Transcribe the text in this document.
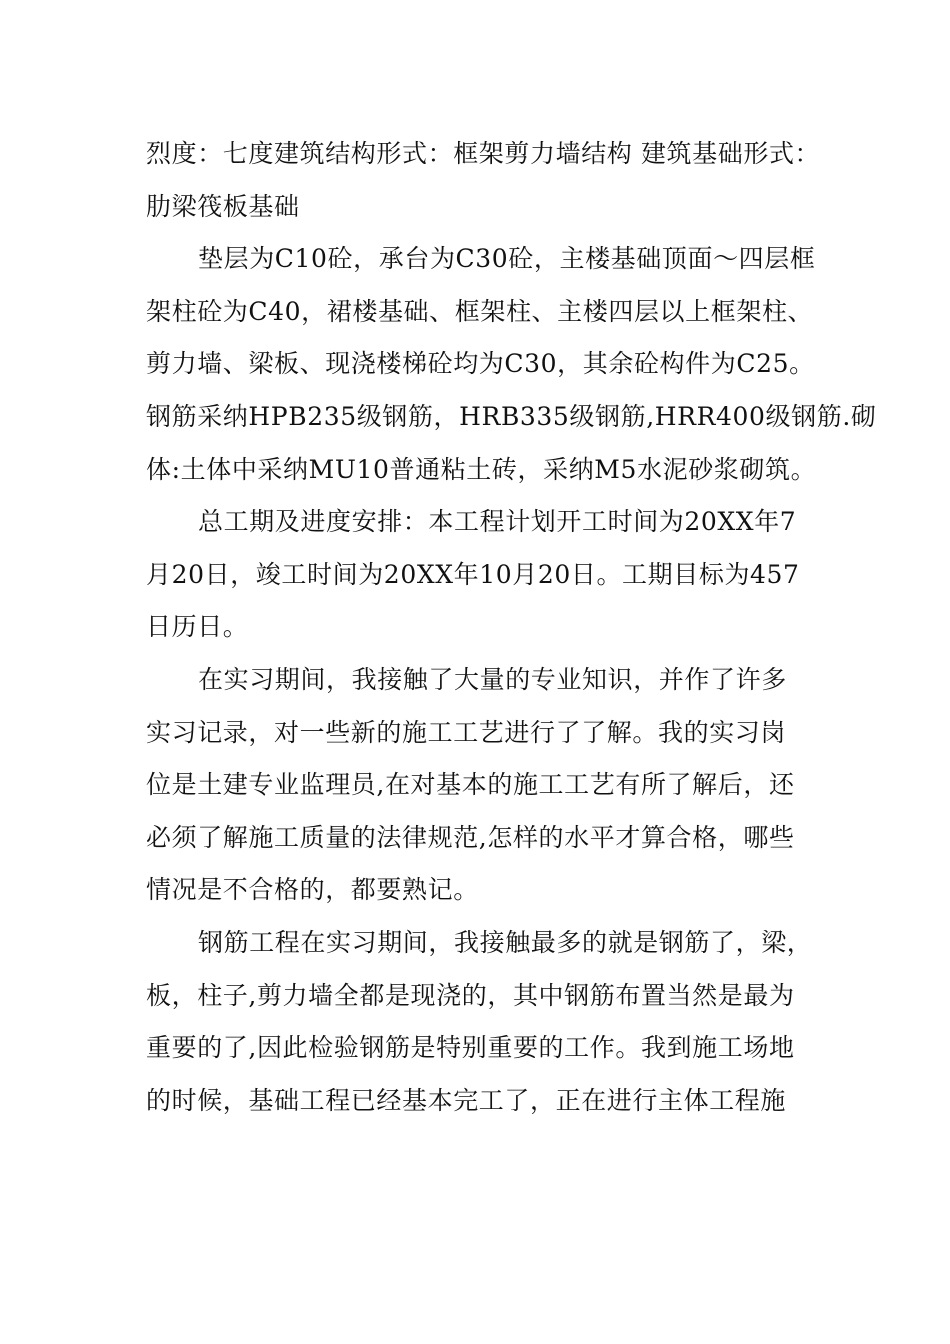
烈度：七度建筑结构形式：框架剪力墙结构 建筑基础形式：
肋梁筏板基础
垫层为C10砼，承台为C30砼，主楼基础顶面～四层框
架柱砼为C40，裙楼基础、框架柱、主楼四层以上框架柱、
剪力墙、梁板、现浇楼梯砼均为C30，其余砼构件为C25。
钢筋采纳HPB235级钢筋，HRB335级钢筋,HRR400级钢筋.砌
体:土体中采纳MU10普通粘土砖，采纳M5水泥砂浆砌筑。
总工期及进度安排：本工程计划开工时间为20XX年7
月20日，竣工时间为20XX年10月20日。工期目标为457
日历日。
在实习期间，我接触了大量的专业知识，并作了许多
实习记录，对一些新的施工工艺进行了了解。我的实习岗
位是土建专业监理员,在对基本的施工工艺有所了解后，还
必须了解施工质量的法律规范,怎样的水平才算合格，哪些
情况是不合格的，都要熟记。
钢筋工程在实习期间，我接触最多的就是钢筋了，梁，
板，柱子,剪力墙全都是现浇的，其中钢筋布置当然是最为
重要的了,因此检验钢筋是特别重要的工作。我到施工场地
的时候，基础工程已经基本完工了，正在进行主体工程施
